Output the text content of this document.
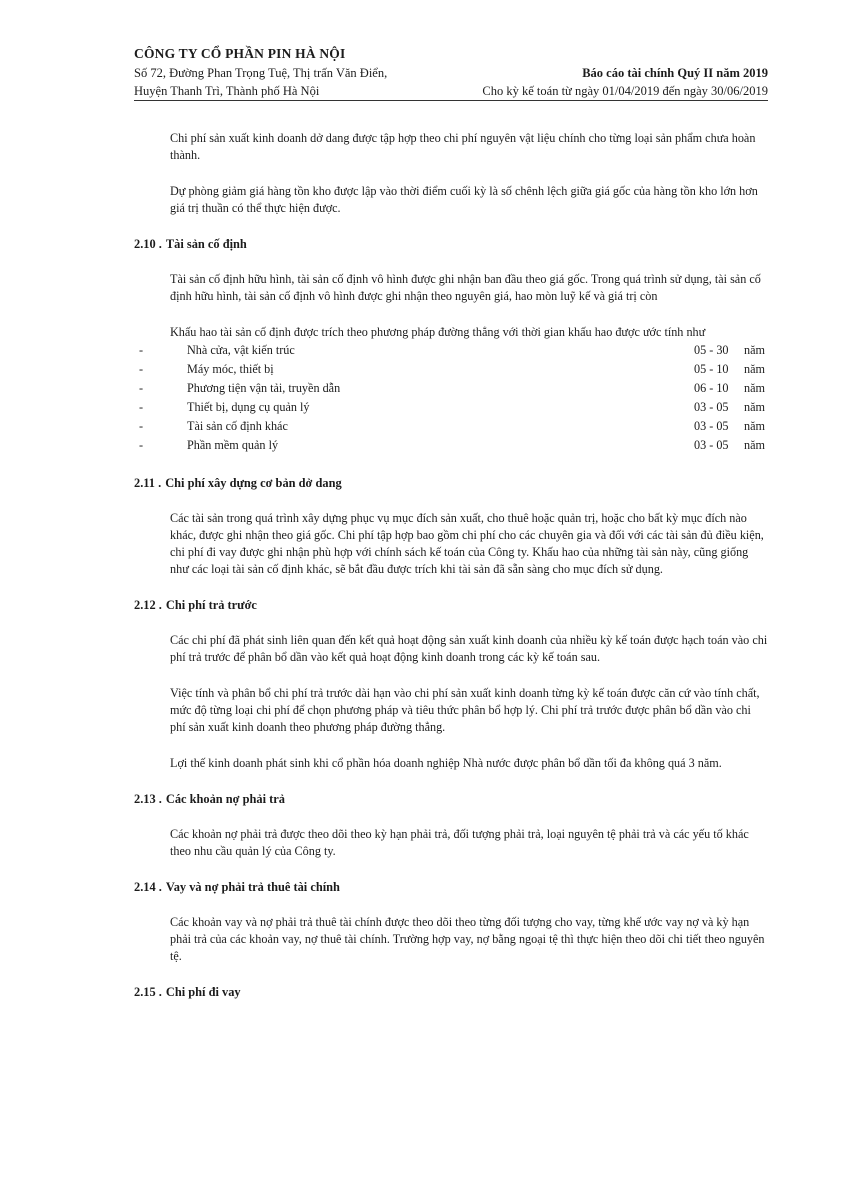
CÔNG TY CỔ PHẦN PIN HÀ NỘI
Số 72, Đường Phan Trọng Tuệ, Thị trấn Văn Điển,
Huyện Thanh Trì, Thành phố Hà Nội
Báo cáo tài chính Quý II năm 2019
Cho kỳ kế toán từ ngày 01/04/2019 đến ngày 30/06/2019

Chi phí sản xuất kinh doanh dở dang được tập hợp theo chi phí nguyên vật liệu chính cho từng loại sản phẩm chưa hoàn thành.

Dự phòng giảm giá hàng tồn kho được lập vào thời điểm cuối kỳ là số chênh lệch giữa giá gốc của hàng tồn kho lớn hơn giá trị thuần có thể thực hiện được.

2.10 . Tài sản cố định

Tài sản cố định hữu hình, tài sản cố định vô hình được ghi nhận ban đầu theo giá gốc. Trong quá trình sử dụng, tài sản cố định hữu hình, tài sản cố định vô hình được ghi nhận theo nguyên giá, hao mòn luỹ kế và giá trị còn

Khấu hao tài sản cố định được trích theo phương pháp đường thẳng với thời gian khấu hao được ước tính như

-	Nhà cửa, vật kiến trúc	05 - 30 năm
-	Máy móc, thiết bị	05 - 10 năm
-	Phương tiện vận tải, truyền dẫn	06 - 10 năm
-	Thiết bị, dụng cụ quản lý	03 - 05 năm
-	Tài sản cố định khác	03 - 05 năm
-	Phần mềm quản lý	03 - 05 năm
2.11 . Chi phí xây dựng cơ bản dở dang

Các tài sản trong quá trình xây dựng phục vụ mục đích sản xuất, cho thuê hoặc quản trị, hoặc cho bất kỳ mục đích nào khác, được ghi nhận theo giá gốc. Chi phí tập hợp bao gồm chi phí cho các chuyên gia và đối với các tài sản đủ điều kiện, chi phí đi vay được ghi nhận phù hợp với chính sách kế toán của Công ty. Khấu hao của những tài sản này, cũng giống như các loại tài sản cố định khác, sẽ bắt đầu được trích khi tài sản đã sẵn sàng cho mục đích sử dụng.

2.12 . Chi phí trả trước

Các chi phí đã phát sinh liên quan đến kết quả hoạt động sản xuất kinh doanh của nhiều kỳ kế toán được hạch toán vào chi phí trả trước để phân bổ dần vào kết quả hoạt động kinh doanh trong các kỳ kế toán sau.

Việc tính và phân bổ chi phí trả trước dài hạn vào chi phí sản xuất kinh doanh từng kỳ kế toán được căn cứ vào tính chất, mức độ từng loại chi phí để chọn phương pháp và tiêu thức phân bổ hợp lý. Chi phí trả trước được phân bổ dần vào chi phí sản xuất kinh doanh theo phương pháp đường thẳng.

Lợi thế kinh doanh phát sinh khi cổ phần hóa doanh nghiệp Nhà nước được phân bổ dần tối đa không quá 3 năm.

2.13 . Các khoản nợ phải trả

Các khoản nợ phải trả được theo dõi theo kỳ hạn phải trả, đối tượng phải trả, loại nguyên tệ phải trả và các yếu tố khác theo nhu cầu quản lý của Công ty.

2.14 . Vay và nợ phải trả thuê tài chính

Các khoản vay và nợ phải trả thuê tài chính được theo dõi theo từng đối tượng cho vay, từng khế ước vay nợ và kỳ hạn phải trả của các khoản vay, nợ thuê tài chính. Trường hợp vay, nợ bằng ngoại tệ thì thực hiện theo dõi chi tiết theo nguyên tệ.

2.15 . Chi phí đi vay
